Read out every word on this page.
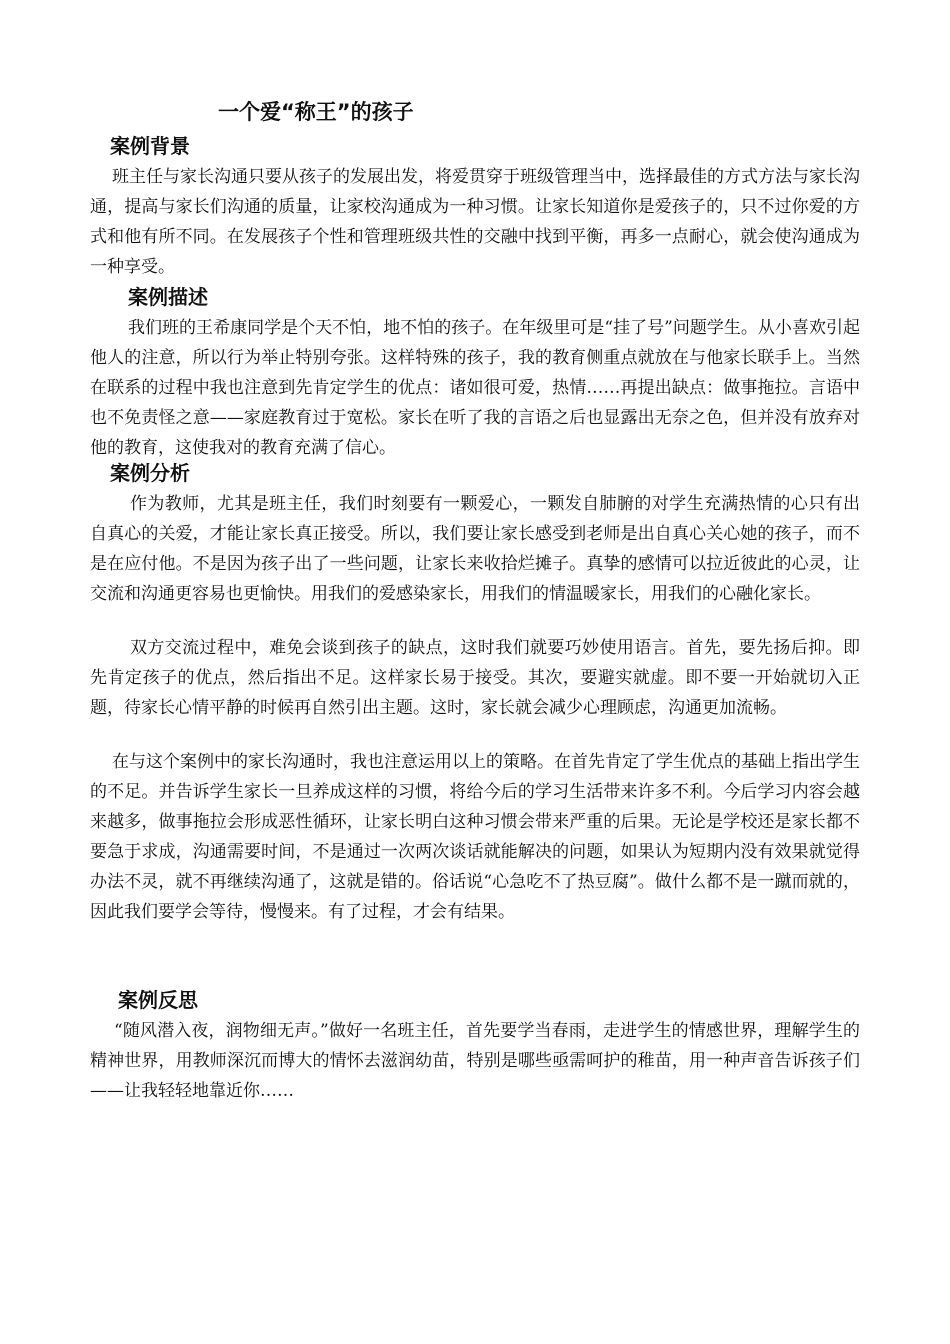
一个爱“称王”的孩子
案例背景

班主任与家长沟通只要从孩子的发展出发，将爱贯穿于班级管理当中，选择最佳的方式方法与家长沟通，提高与家长们沟通的质量，让家校沟通成为一种习惯。让家长知道你是爱孩子的，只不过你爱的方式和他有所不同。在发展孩子个性和管理班级共性的交融中找到平衡，再多一点耐心，就会使沟通成为一种享受。

案例描述

我们班的王希康同学是个天不怕，地不怕的孩子。在年级里可是“挂了号”问题学生。从小喜欢引起他人的注意，所以行为举止特别夸张。这样特殊的孩子，我的教育侧重点就放在与他家长联手上。当然在联系的过程中我也注意到先肯定学生的优点：诸如很可爱，热情……再提出缺点：做事拖拉。言语中也不免责怪之意——家庭教育过于宽松。家长在听了我的言语之后也显露出无奈之色，但并没有放弃对他的教育，这使我对的教育充满了信心。

案例分析

作为教师，尤其是班主任，我们时刻要有一颗爱心，一颗发自肺腑的对学生充满热情的心只有出自真心的关爱，才能让家长真正接受。所以，我们要让家长感受到老师是出自真心关心她的孩子，而不是在应付他。不是因为孩子出了一些问题，让家长来收拾烂摊子。真挚的感情可以拉近彼此的心灵，让交流和沟通更容易也更愉快。用我们的爱感染家长，用我们的情温暖家长，用我们的心融化家长。

双方交流过程中，难免会谈到孩子的缺点，这时我们就要巧妙使用语言。首先，要先扬后抑。即先肯定孩子的优点，然后指出不足。这样家长易于接受。其次，要避实就虚。即不要一开始就切入正题，待家长心情平静的时候再自然引出主题。这时，家长就会减少心理顾虑，沟通更加流畅。

在与这个案例中的家长沟通时，我也注意运用以上的策略。在首先肯定了学生优点的基础上指出学生的不足。并告诉学生家长一旦养成这样的习惯，将给今后的学习生活带来许多不利。今后学习内容会越来越多，做事拖拉会形成恶性循环，让家长明白这种习惯会带来严重的后果。无论是学校还是家长都不要急于求成，沟通需要时间，不是通过一次两次谈话就能解决的问题，如果认为短期内没有效果就觉得办法不灵，就不再继续沟通了，这就是错的。俗话说“心急吃不了热豆腐”。做什么都不是一蹴而就的，因此我们要学会等待，慢慢来。有了过程，才会有结果。

案例反思

“随风潜入夜，润物细无声。”做好一名班主任，首先要学当春雨，走进学生的情感世界，理解学生的精神世界，用教师深沉而博大的情怀去滋润幼苗，特别是哪些亟需呵护的稚苗，用一种声音告诉孩子们——让我轻轻地靠近你……
